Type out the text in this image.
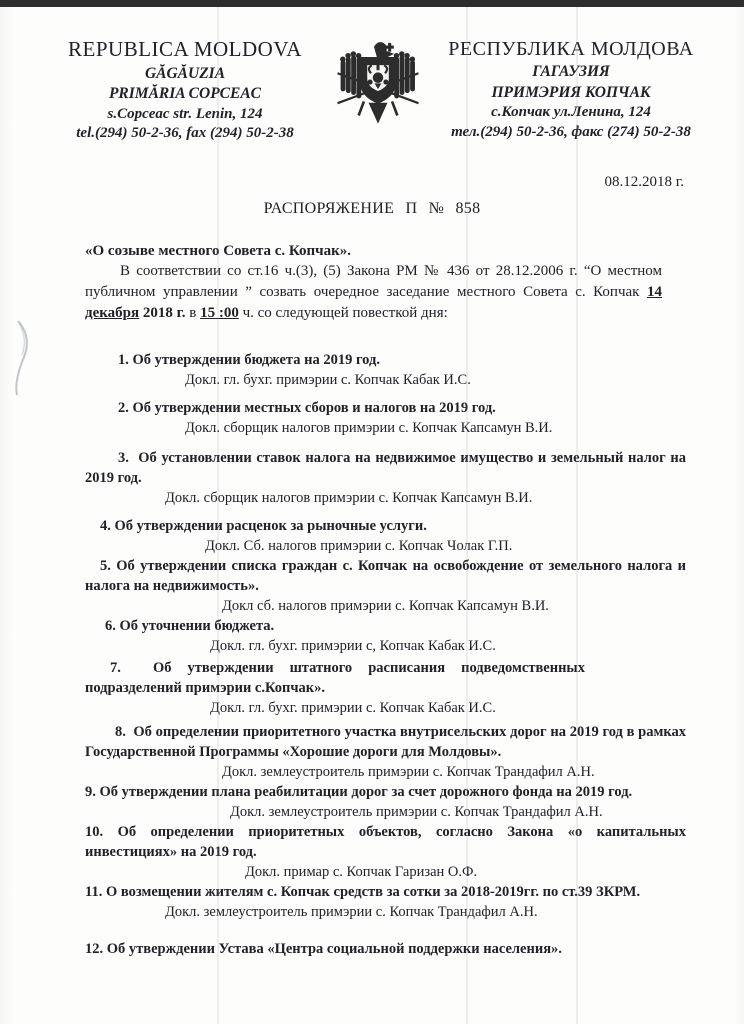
REPUBLICA MOLDOVA
GĂGĂUZIA
PRIMĂRIA COPCEAC
s.Copceac str. Lenin, 124
tel.(294) 50-2-36, fax (294) 50-2-38
РЕСПУБЛИКА МОЛДОВА
ГАГАУЗИЯ
ПРИМЭРИЯ КОПЧАК
с.Копчак ул.Ленина, 124
тел.(294) 50-2-36, факс (274) 50-2-38
08.12.2018 г.
РАСПОРЯЖЕНИЕ П № 858
«О созыве местного Совета с. Копчак».

В соответствии со ст.16 ч.(3), (5) Закона РМ № 436 от 28.12.2006 г. “О местном публичном управлении ” созвать очередное заседание местного Совета с. Копчак 14 декабря 2018 г. в 15 :00 ч. со следующей повесткой дня:

1. Об утверждении бюджета на 2019 год.
Докл. гл. бухг. примэрии с. Копчак Кабак И.С.
2. Об утверждении местных сборов и налогов на 2019 год.
Докл. сборщик налогов примэрии с. Копчак Капсамун В.И.
3. Об установлении ставок налога на недвижимое имущество и земельный налог на 2019 год.
Докл. сборщик налогов примэрии с. Копчак Капсамун В.И.
4. Об утверждении расценок за рыночные услуги.
Докл. Сб. налогов примэрии с. Копчак Чолак Г.П.
5. Об утверждении списка граждан с. Копчак на освобождение от земельного налога и налога на недвижимость».
Докл сб. налогов примэрии с. Копчак Капсамун В.И.
6. Об уточнении бюджета.
Докл. гл. бухг. примэрии с, Копчак Кабак И.С.
7. Об утверждении штатного расписания подведомственных подразделений примэрии с.Копчак».
Докл. гл. бухг. примэрии с. Копчак Кабак И.С.
8. Об определении приоритетного участка внутрисельских дорог на 2019 год в рамках Государственной Программы «Хорошие дороги для Молдовы».
Докл. землеустроитель примэрии с. Копчак Трандафил А.Н.
9. Об утверждении плана реабилитации дорог за счет дорожного фонда на 2019 год.
Докл. землеустроитель примэрии с. Копчак Трандафил А.Н.
10. Об определении приоритетных объектов, согласно Закона «о капитальных инвестициях» на 2019 год.
Докл. примар с. Копчак Гаризан О.Ф.
11. О возмещении жителям с. Копчак средств за сотки за 2018-2019гг. по ст.39 ЗКРМ.
Докл. землеустроитель примэрии с. Копчак Трандафил А.Н.
12. Об утверждении Устава «Центра социальной поддержки населения».
